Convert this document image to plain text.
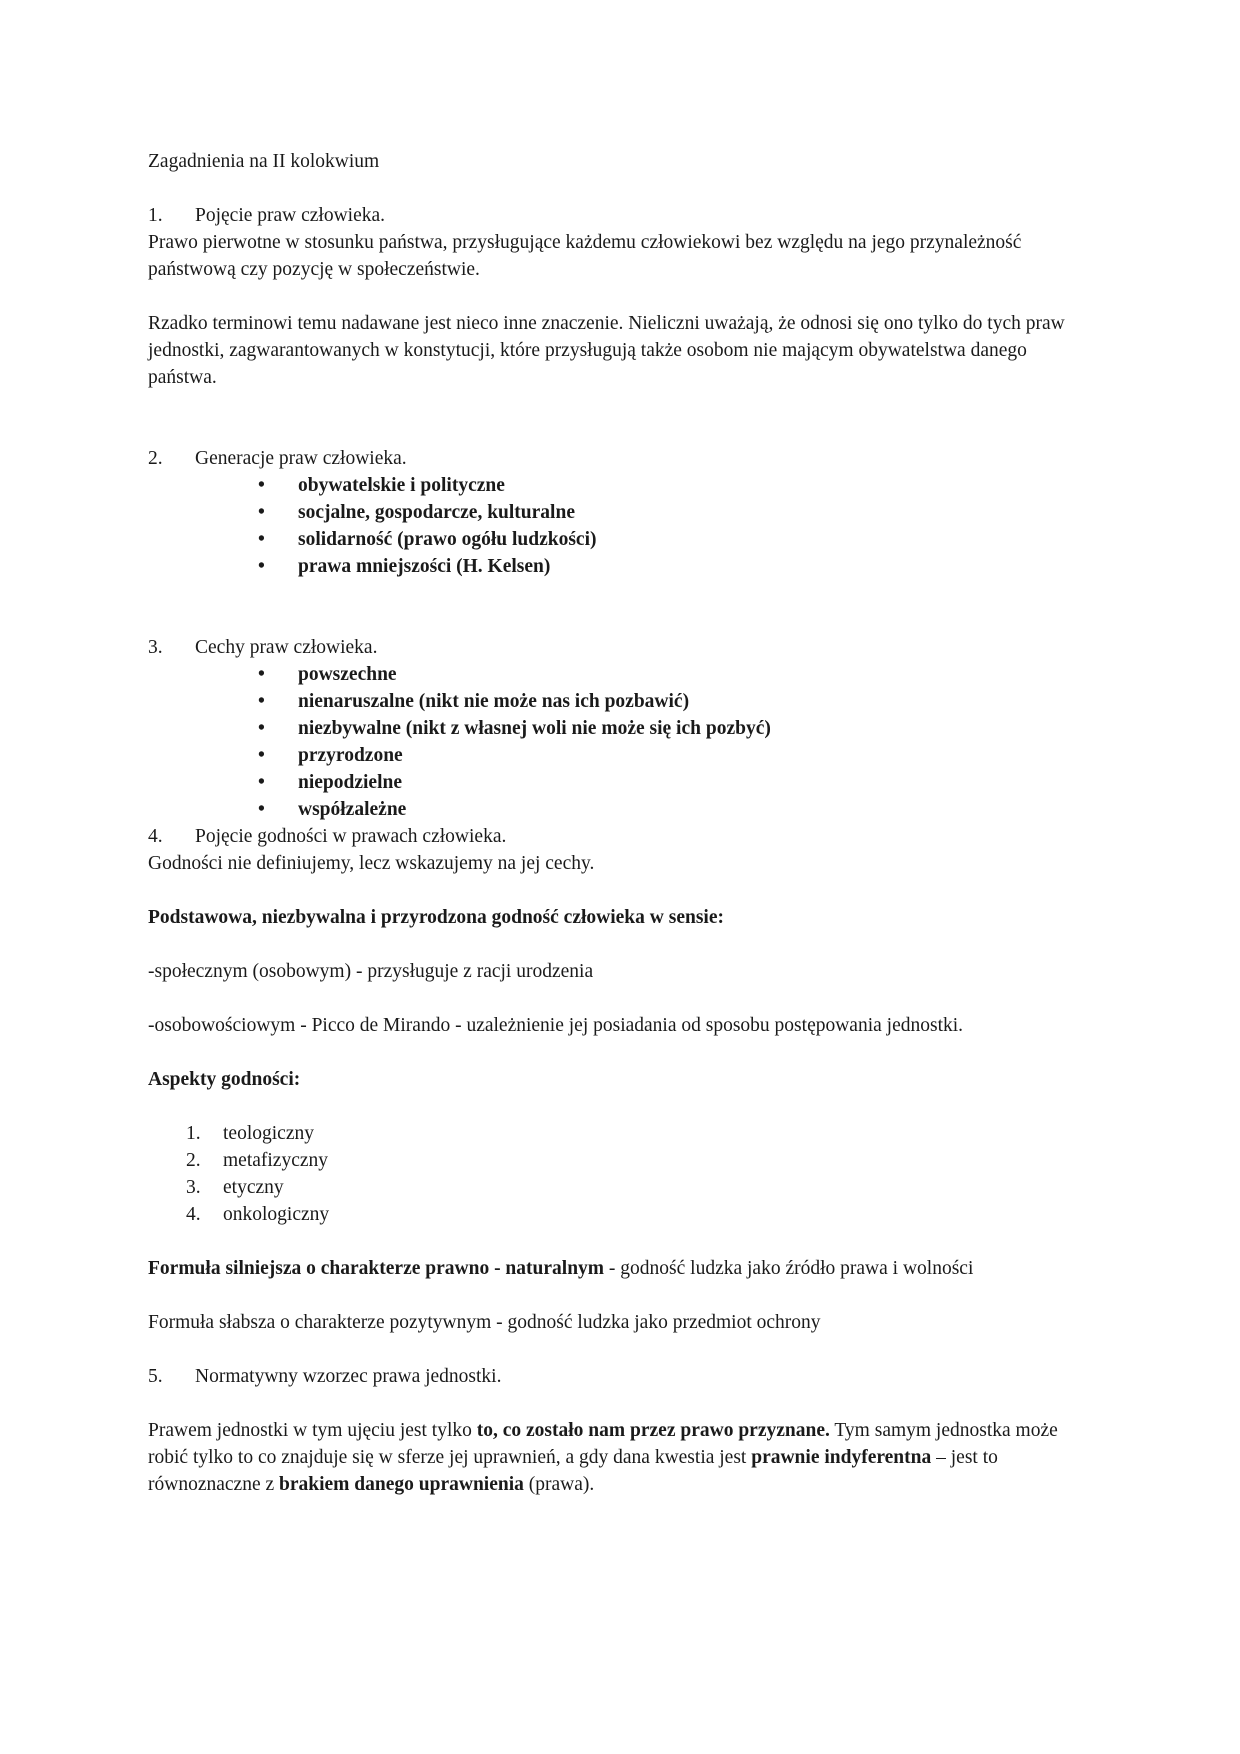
Zagadnienia na II kolokwium

1.	Pojęcie praw człowieka.

Prawo pierwotne w stosunku państwa, przysługujące każdemu człowiekowi bez względu na jego przynależność państwową czy pozycję w społeczeństwie.

Rzadko terminowi temu nadawane jest nieco inne znaczenie. Nieliczni uważają, że odnosi się ono tylko do tych praw jednostki, zagwarantowanych w konstytucji, które przysługują także osobom nie mającym obywatelstwa danego państwa.

2.	Generacje praw człowieka.
• obywatelskie i polityczne
• socjalne, gospodarcze, kulturalne
• solidarność (prawo ogółu ludzkości)
• prawa mniejszości (H. Kelsen)
3.	Cechy praw człowieka.
• powszechne
• nienaruszalne (nikt nie może nas ich pozbawić)
• niezbywalne (nikt z własnej woli nie może się ich pozbyć)
• przyrodzone
• niepodzielne
• współzależne
4.	Pojęcie godności w prawach człowieka.

Godności nie definiujemy, lecz wskazujemy na jej cechy.

Podstawowa, niezbywalna i przyrodzona godność człowieka w sensie:

-społecznym (osobowym) - przysługuje z racji urodzenia

-osobowościowym - Picco de Mirando - uzależnienie jej posiadania od sposobu postępowania jednostki.

Aspekty godności:

1.	teologiczny
2.	metafizyczny
3.	etyczny
4.	onkologiczny

Formuła silniejsza o charakterze prawno - naturalnym - godność ludzka jako źródło prawa i wolności

Formuła słabsza o charakterze pozytywnym - godność ludzka jako przedmiot ochrony

5.	Normatywny wzorzec prawa jednostki.

Prawem jednostki w tym ujęciu jest tylko to, co zostało nam przez prawo przyznane. Tym samym jednostka może robić tylko to co znajduje się w sferze jej uprawnień, a gdy dana kwestia jest prawnie indyferentna – jest to równoznaczne z brakiem danego uprawnienia (prawa).
